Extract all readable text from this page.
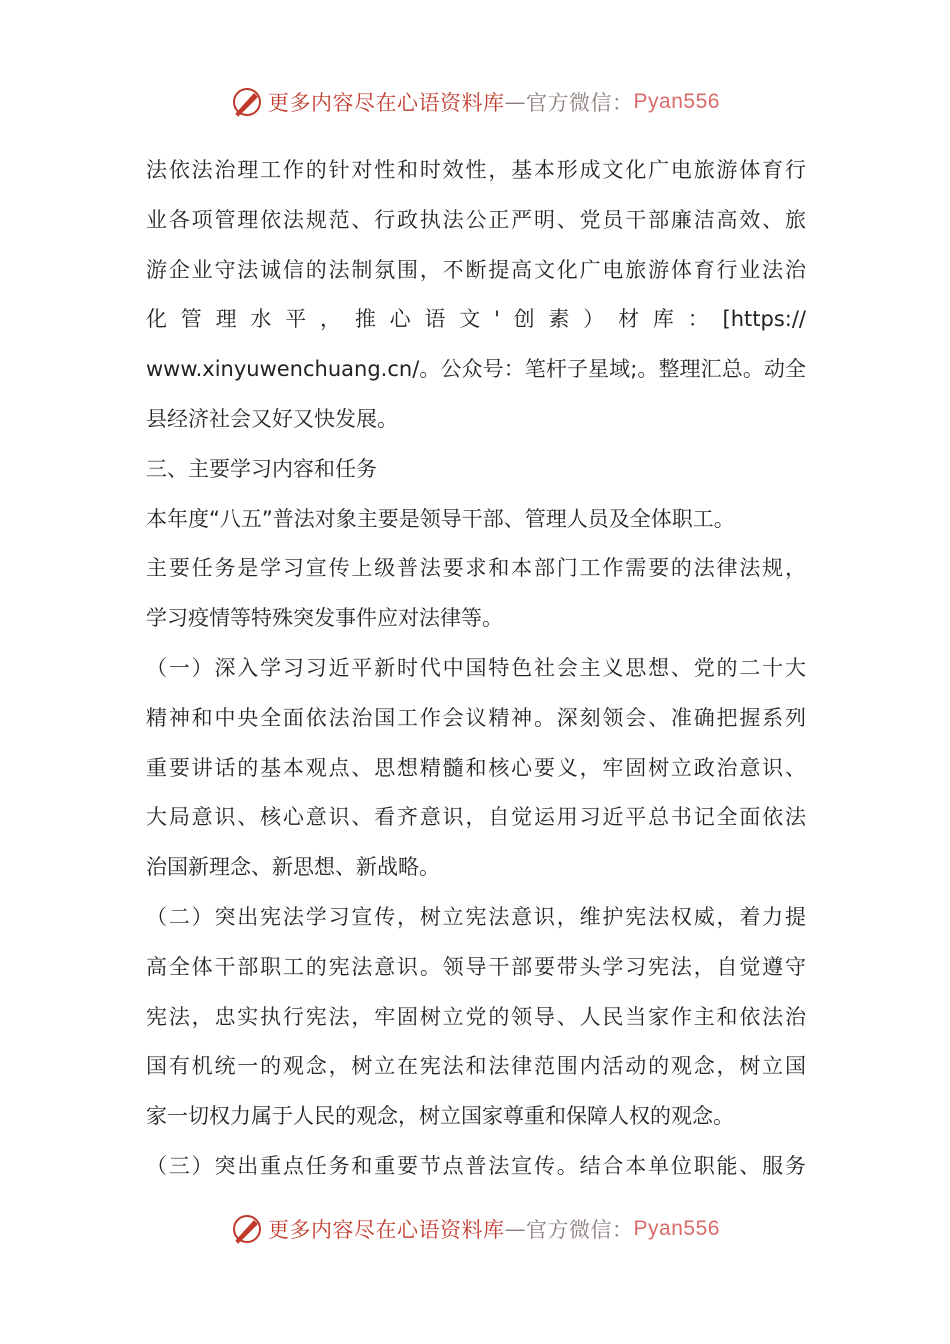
更多内容尽在心语资料库 — 官方微信： Pyan556
法依法治理工作的针对性和时效性，基本形成文化广电旅游体育行
业各项管理依法规范、行政执法公正严明、党员干部廉洁高效、旅
游企业守法诚信的法制氛围，不断提高文化广电旅游体育行业法治
化管理水平，推心语文'创素）材库：[https://
www.xinyuwenchuang.cn/。公众号：笔杆子星域;。整理汇总。动全
县经济社会又好又快发展。
三、主要学习内容和任务
本年度“八五”普法对象主要是领导干部、管理人员及全体职工。
主要任务是学习宣传上级普法要求和本部门工作需要的法律法规，
学习疫情等特殊突发事件应对法律等。
（一）深入学习习近平新时代中国特色社会主义思想、党的二十大
精神和中央全面依法治国工作会议精神。深刻领会、准确把握系列
重要讲话的基本观点、思想精髓和核心要义，牢固树立政治意识、
大局意识、核心意识、看齐意识，自觉运用习近平总书记全面依法
治国新理念、新思想、新战略。
（二）突出宪法学习宣传，树立宪法意识，维护宪法权威，着力提
高全体干部职工的宪法意识。领导干部要带头学习宪法，自觉遵守
宪法，忠实执行宪法，牢固树立党的领导、人民当家作主和依法治
国有机统一的观念，树立在宪法和法律范围内活动的观念，树立国
家一切权力属于人民的观念，树立国家尊重和保障人权的观念。
（三）突出重点任务和重要节点普法宣传。结合本单位职能、服务
更多内容尽在心语资料库 — 官方微信： Pyan556
